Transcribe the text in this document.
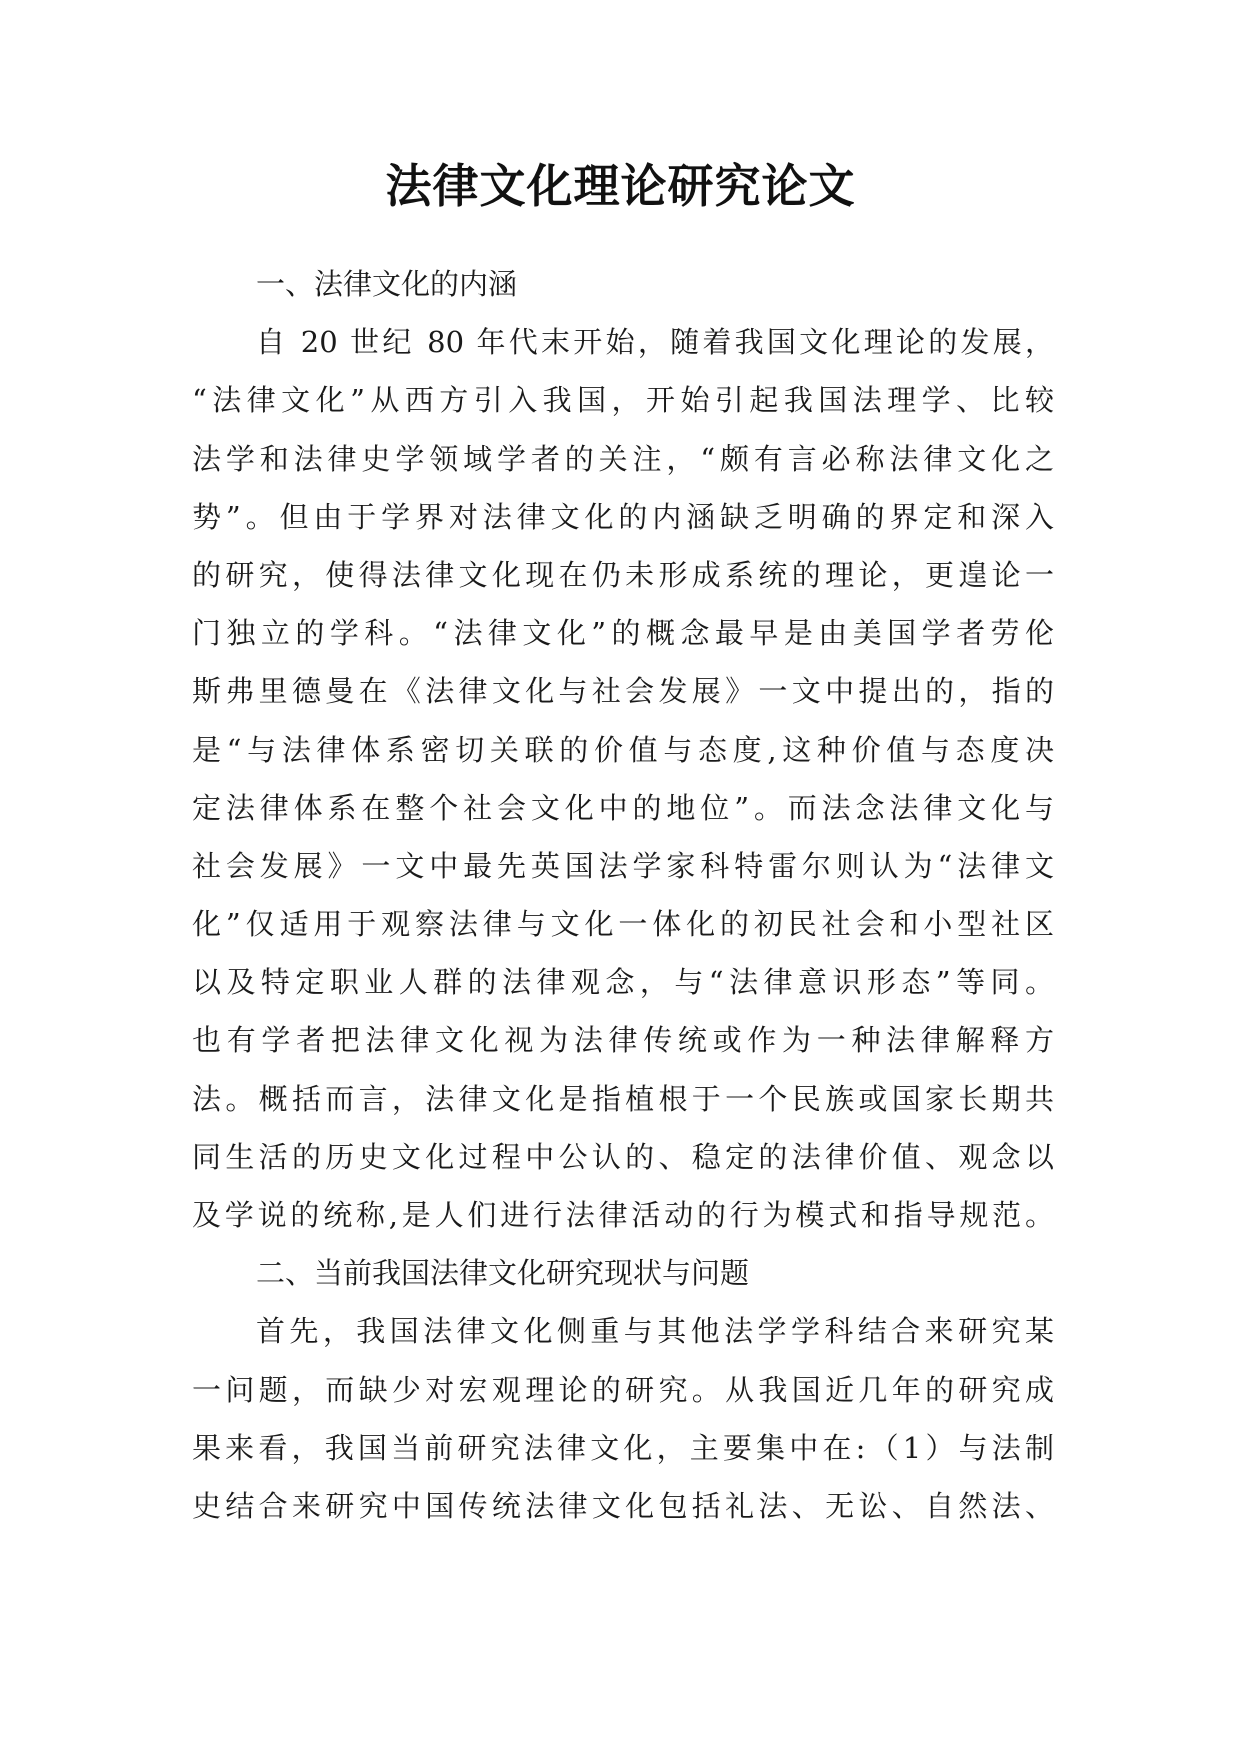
法律文化理论研究论文
一、法律文化的内涵
自 20 世纪 80 年代末开始，随着我国文化理论的发展，
“法律文化”从西方引入我国，开始引起我国法理学、比较
法学和法律史学领域学者的关注，“颇有言必称法律文化之
势”。但由于学界对法律文化的内涵缺乏明确的界定和深入
的研究，使得法律文化现在仍未形成系统的理论，更遑论一
门独立的学科。“法律文化”的概念最早是由美国学者劳伦
斯弗里德曼在《法律文化与社会发展》一文中提出的，指的
是“与法律体系密切关联的价值与态度,这种价值与态度决
定法律体系在整个社会文化中的地位”。而法念法律文化与
社会发展》一文中最先英国法学家科特雷尔则认为“法律文
化”仅适用于观察法律与文化一体化的初民社会和小型社区
以及特定职业人群的法律观念，与“法律意识形态”等同。
也有学者把法律文化视为法律传统或作为一种法律解释方
法。概括而言，法律文化是指植根于一个民族或国家长期共
同生活的历史文化过程中公认的、稳定的法律价值、观念以
及学说的统称,是人们进行法律活动的行为模式和指导规范。
二、当前我国法律文化研究现状与问题
首先，我国法律文化侧重与其他法学学科结合来研究某
一问题，而缺少对宏观理论的研究。从我国近几年的研究成
果来看，我国当前研究法律文化，主要集中在:（1）与法制
史结合来研究中国传统法律文化包括礼法、无讼、自然法、
